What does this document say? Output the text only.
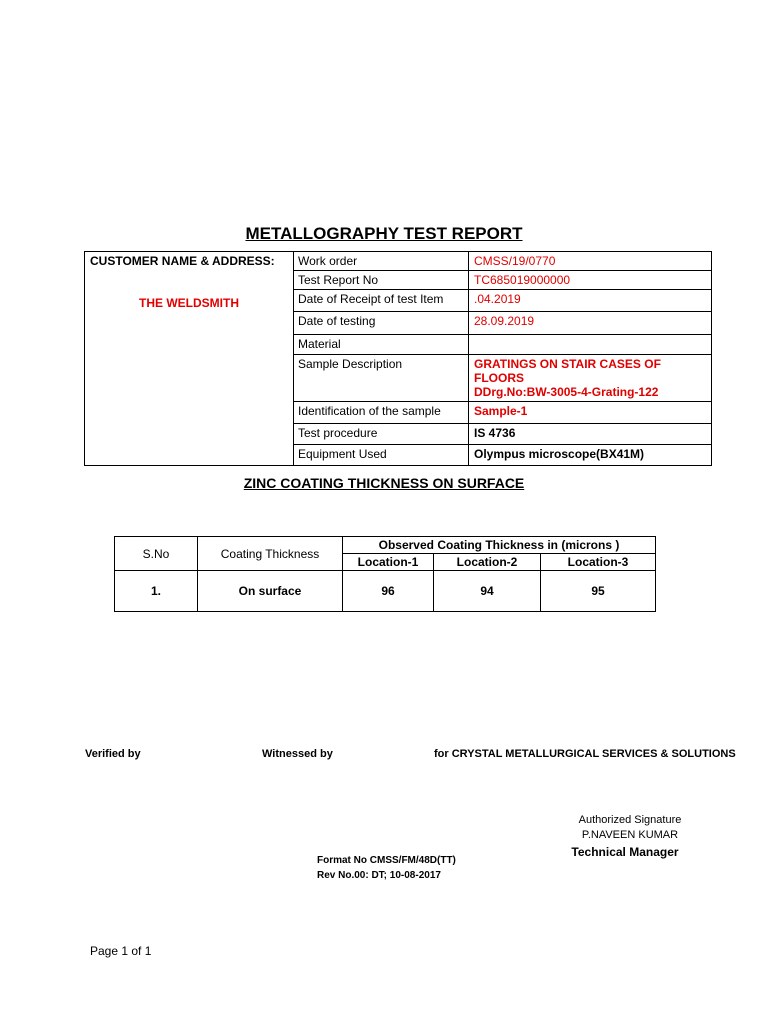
METALLOGRAPHY TEST REPORT
CUSTOMER NAME & ADDRESS:
THE WELDSMITH	Work order	CMSS/19/0770
	Test Report No	TC685019000000
	Date of Receipt of test Item	.04.2019
	Date of testing	28.09.2019
	Material	
	Sample Description	GRATINGS ON STAIR CASES OF FLOORS
DDrg.No:BW-3005-4-Grating-122

	Identification of the sample	Sample-1
	Test procedure	IS 4736
	Equipment Used	Olympus microscope(BX41M)
ZINC COATING THICKNESS ON SURFACE
S.No	Coating Thickness	Observed Coating Thickness in (microns )		
		Location-1	Location-2	Location-3
1.	On surface	96	94	95
Verified by	Witnessed by	for CRYSTAL METALLURGICAL SERVICES & SOLUTIONS
Authorized Signature
P.NAVEEN KUMAR
Technical Manager
Format No CMSS/FM/48D(TT)
Rev No.00: DT; 10-08-2017
Page 1 of 1
